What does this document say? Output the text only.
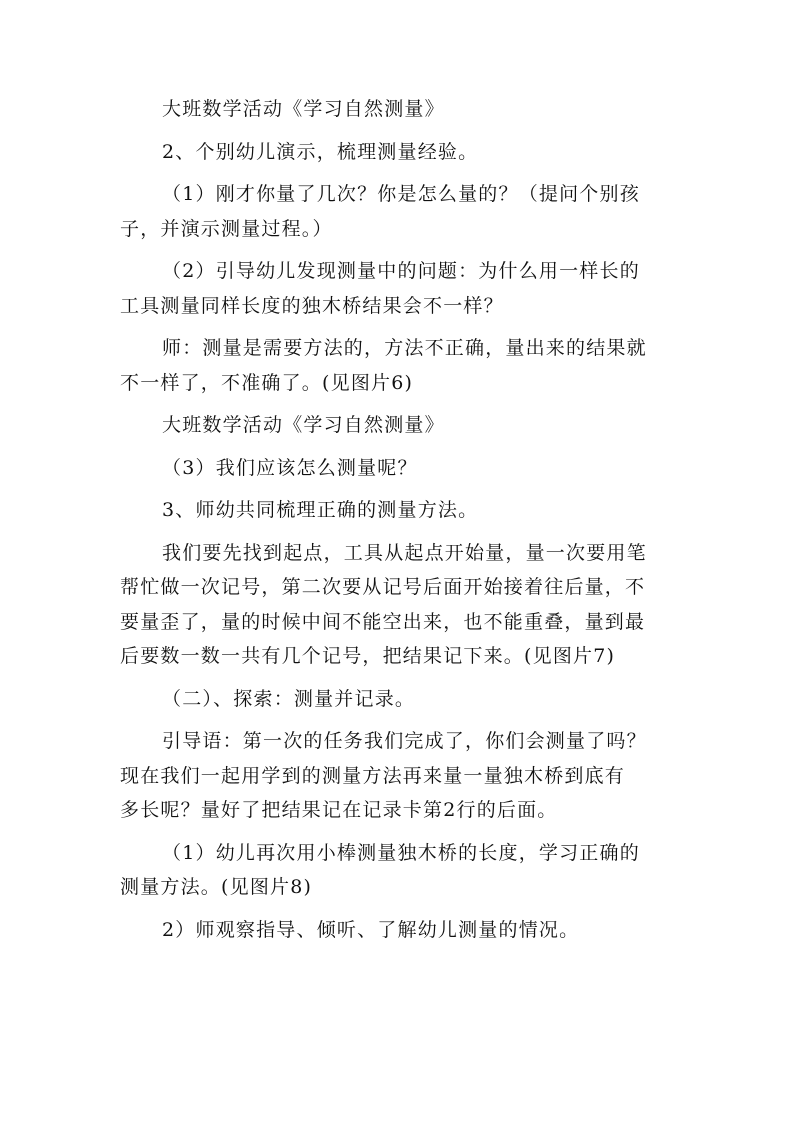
大班数学活动《学习自然测量》
2、个别幼儿演示，梳理测量经验。
（1）刚才你量了几次？你是怎么量的？（提问个别孩
子，并演示测量过程。）
（2）引导幼儿发现测量中的问题：为什么用一样长的
工具测量同样长度的独木桥结果会不一样？
师：测量是需要方法的，方法不正确，量出来的结果就
不一样了，不准确了。(见图片6)
大班数学活动《学习自然测量》
（3）我们应该怎么测量呢？
3、师幼共同梳理正确的测量方法。
我们要先找到起点，工具从起点开始量，量一次要用笔
帮忙做一次记号，第二次要从记号后面开始接着往后量，不
要量歪了，量的时候中间不能空出来，也不能重叠，量到最
后要数一数一共有几个记号，把结果记下来。(见图片7)
（二）、探索：测量并记录。
引导语：第一次的任务我们完成了，你们会测量了吗？
现在我们一起用学到的测量方法再来量一量独木桥到底有
多长呢？量好了把结果记在记录卡第2行的后面。
（1）幼儿再次用小棒测量独木桥的长度，学习正确的
测量方法。(见图片8)
2）师观察指导、倾听、了解幼儿测量的情况。
